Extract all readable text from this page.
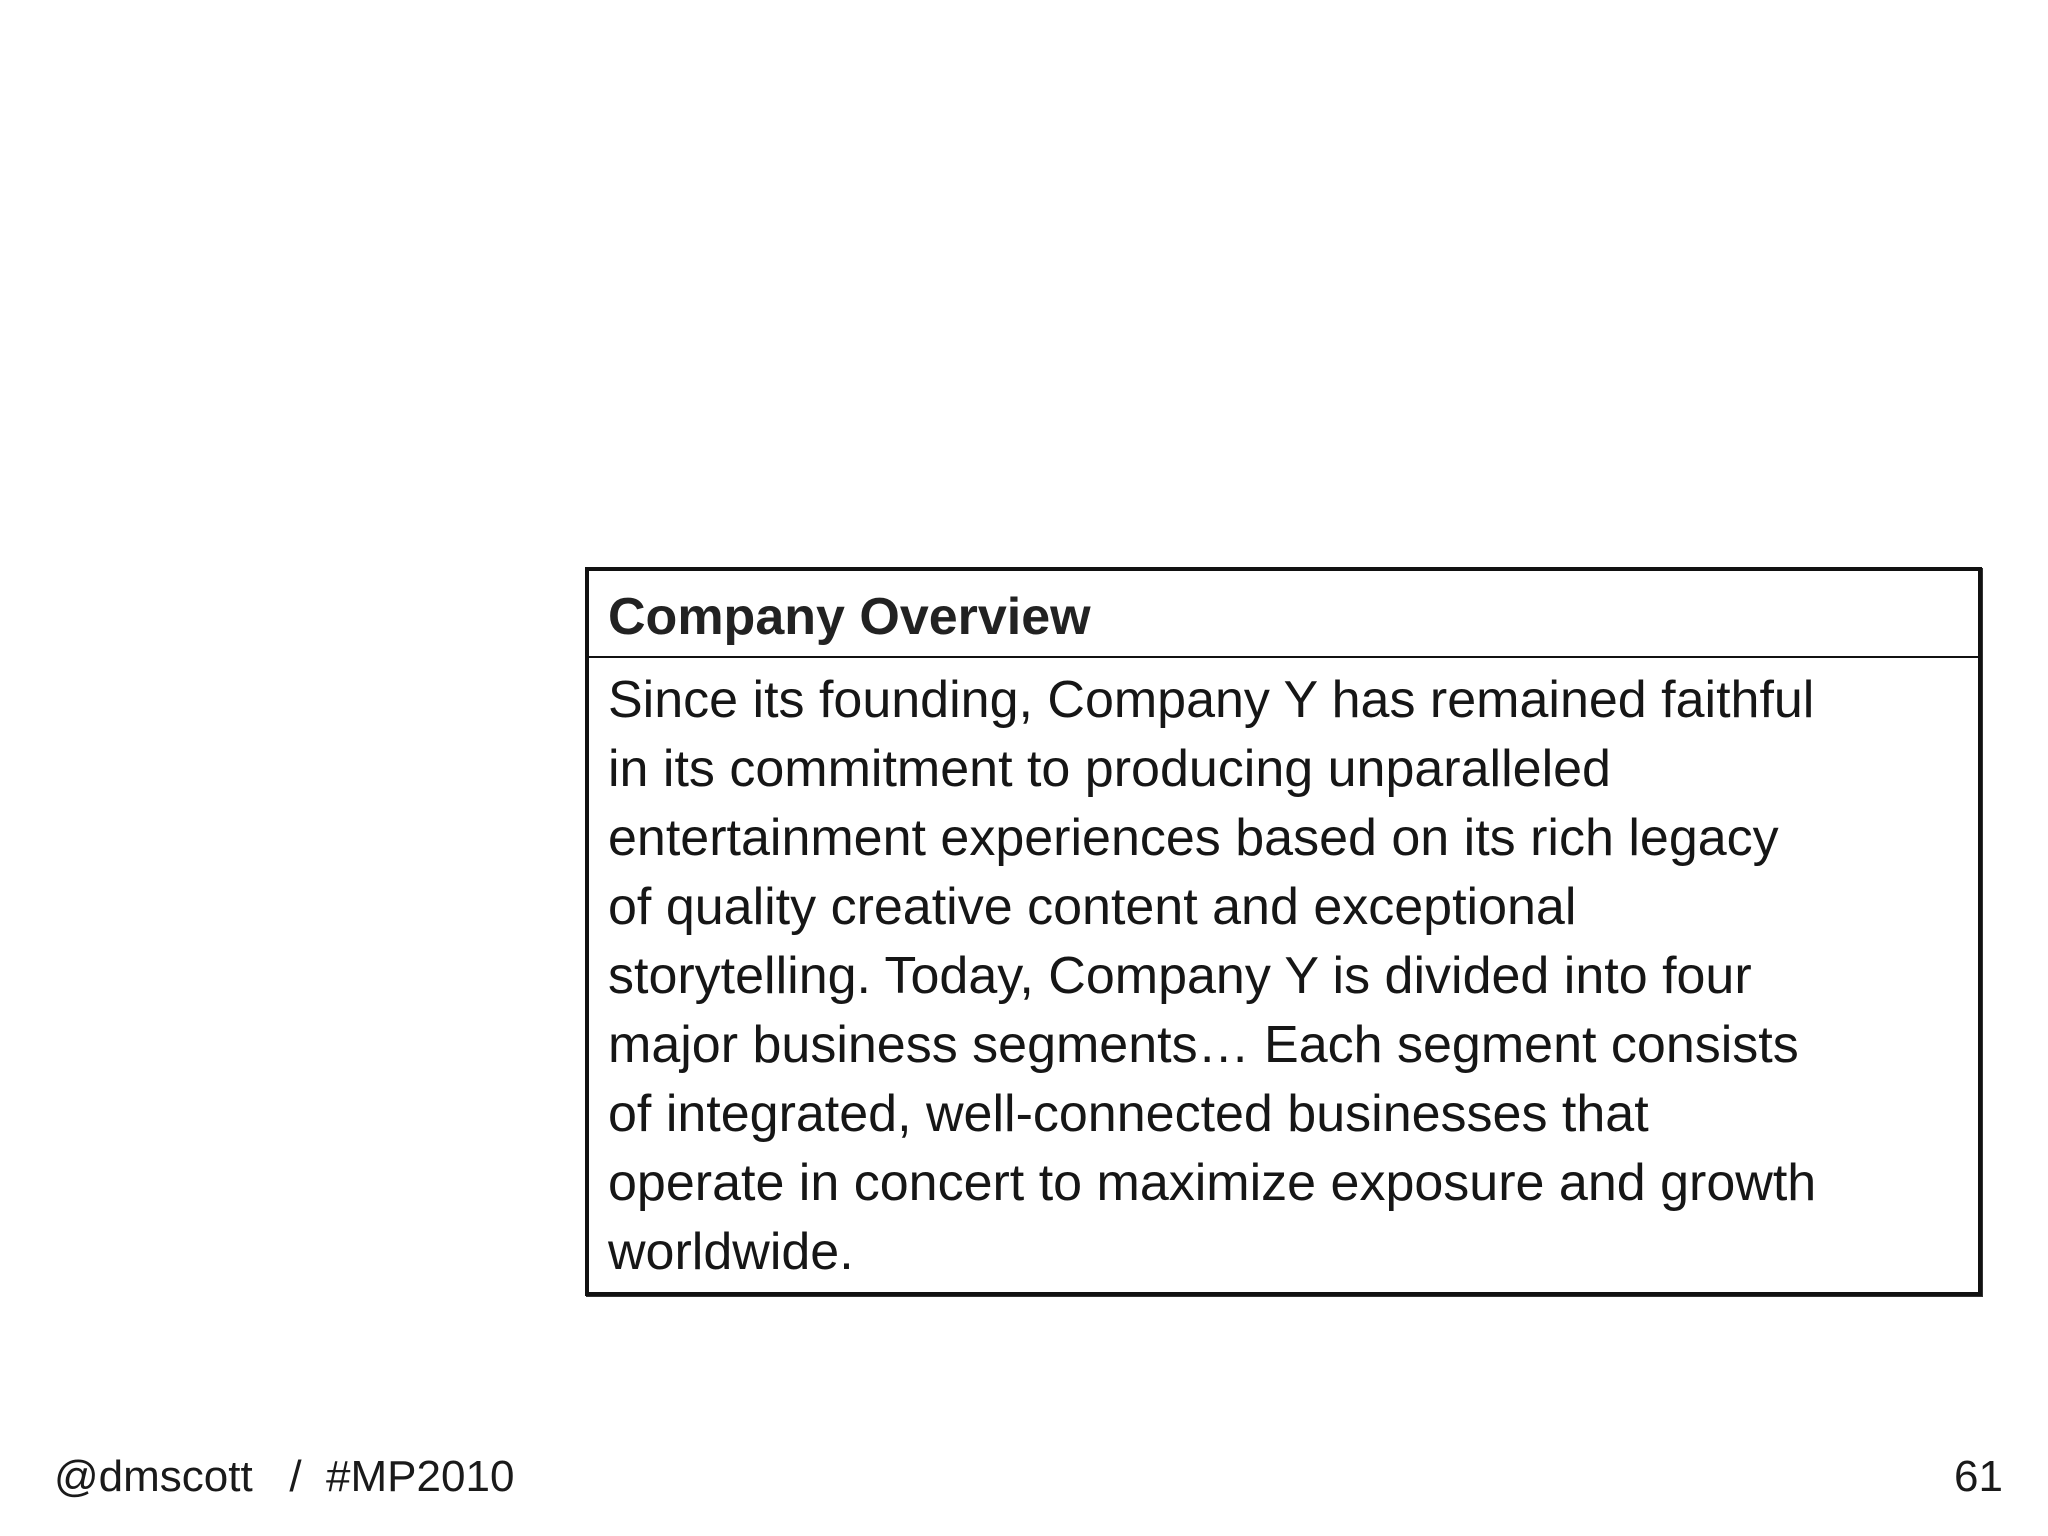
Company Overview
Since its founding, Company Y has remained faithful
in its commitment to producing unparalleled
entertainment experiences based on its rich legacy
of quality creative content and exceptional
storytelling. Today, Company Y is divided into four
major business segments… Each segment consists
of integrated, well-connected businesses that
operate in concert to maximize exposure and growth
worldwide.
@dmscott   /  #MP2010	61
